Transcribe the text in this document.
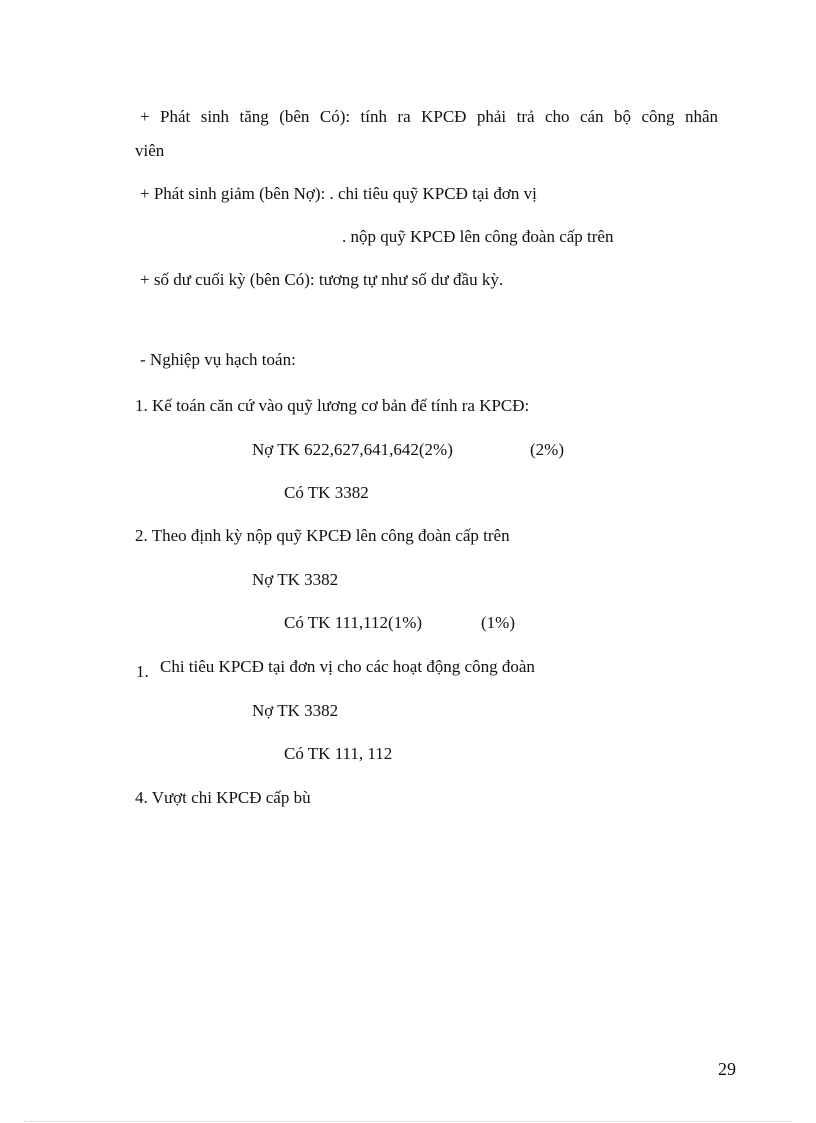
+ Phát sinh tăng (bên Có): tính ra KPCĐ phải trả cho cán bộ công nhân
viên
+ Phát sinh giảm (bên Nợ): . chi tiêu quỹ KPCĐ tại đơn vị
. nộp quỹ KPCĐ lên công đoàn cấp trên
+ số dư cuối kỳ (bên Có): tương tự như số dư đầu kỳ.
- Nghiệp vụ hạch toán:
1. Kế toán căn cứ vào quỹ lương cơ bản để tính ra KPCĐ:
Nợ TK 622,627,641,642(2%)	(2%)
Có TK 3382
2. Theo định kỳ nộp quỹ KPCĐ lên công đoàn cấp trên
Nợ TK 3382
Có TK 111,112(1%)	(1%)
1. Chi tiêu KPCĐ tại đơn vị cho các hoạt động công đoàn
Nợ TK 3382
Có TK 111, 112
4. Vượt chi KPCĐ cấp bù
29
